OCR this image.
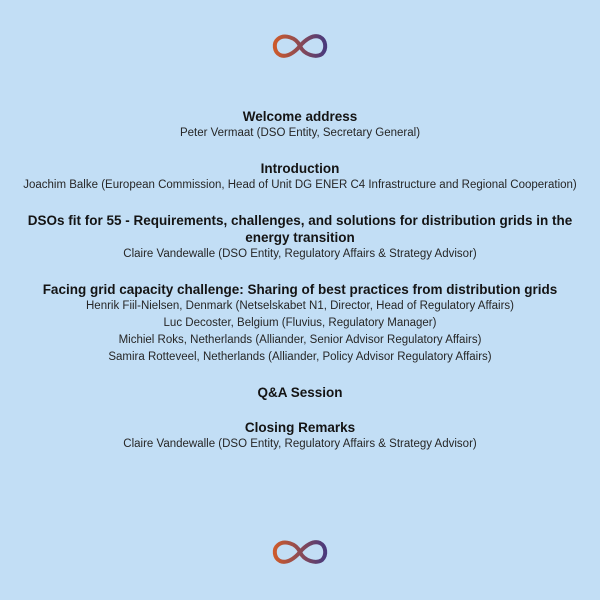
Welcome address
Peter Vermaat (DSO Entity, Secretary General)
Introduction
Joachim Balke (European Commission, Head of Unit DG ENER C4 Infrastructure and Regional Cooperation)
DSOs fit for 55 - Requirements, challenges, and solutions for distribution grids in the energy transition
Claire Vandewalle (DSO Entity, Regulatory Affairs & Strategy Advisor)
Facing grid capacity challenge: Sharing of best practices from distribution grids
Henrik Fiil-Nielsen, Denmark (Netselskabet N1, Director, Head of Regulatory Affairs)
Luc Decoster, Belgium (Fluvius, Regulatory Manager)
Michiel Roks, Netherlands (Alliander, Senior Advisor Regulatory Affairs)
Samira Rotteveel, Netherlands (Alliander, Policy Advisor Regulatory Affairs)
Q&A Session
Closing Remarks
Claire Vandewalle (DSO Entity, Regulatory Affairs & Strategy Advisor)
